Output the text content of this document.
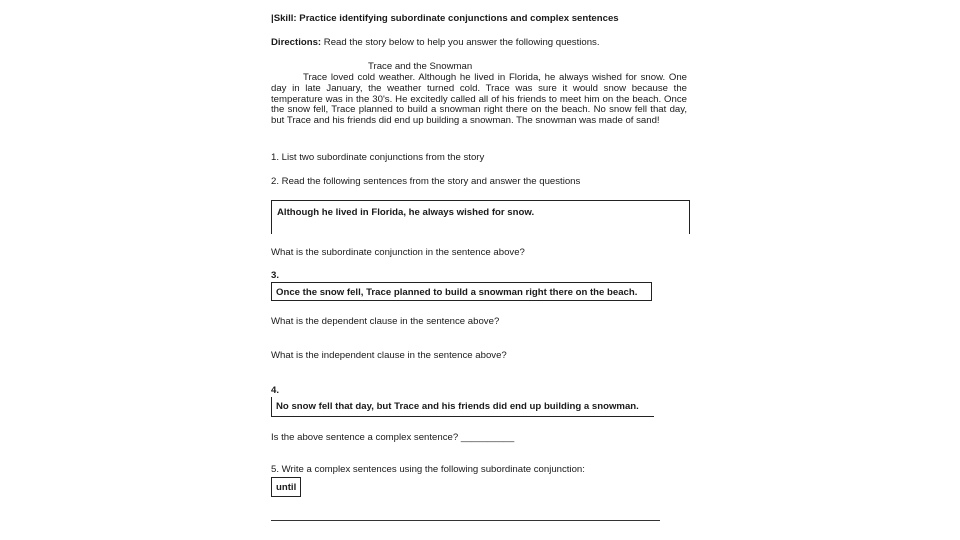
|Skill: Practice identifying subordinate conjunctions and complex sentences
Directions: Read the story below to help you answer the following questions.
Trace and the Snowman

Trace loved cold weather. Although he lived in Florida, he always wished for snow. One day in late January, the weather turned cold. Trace was sure it would snow because the temperature was in the 30's. He excitedly called all of his friends to meet him on the beach. Once the snow fell, Trace planned to build a snowman right there on the beach. No snow fell that day, but Trace and his friends did end up building a snowman. The snowman was made of sand!

1. List two subordinate conjunctions from the story
2. Read the following sentences from the story and answer the questions
Although he lived in Florida, he always wished for snow.
What is the subordinate conjunction in the sentence above?
3.
Once the snow fell, Trace planned to build a snowman right there on the beach.
What is the dependent clause in the sentence above?
What is the independent clause in the sentence above?
4.
No snow fell that day, but Trace and his friends did end up building a snowman.
Is the above sentence a complex sentence? __________
5. Write a complex sentences using the following subordinate conjunction:
until
